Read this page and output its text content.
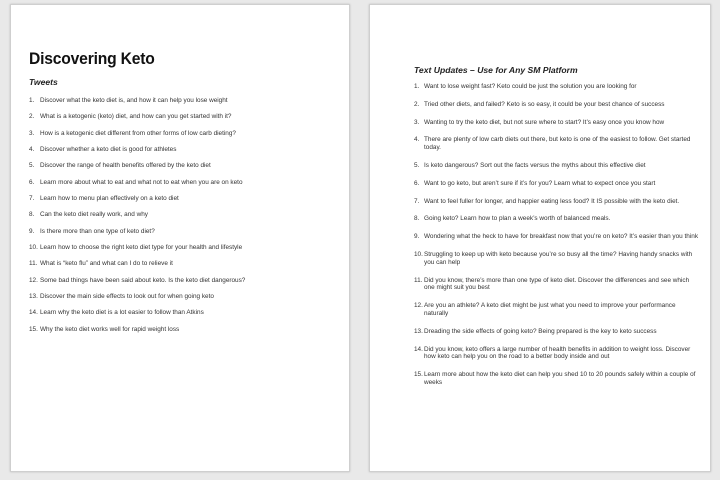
Discovering Keto
Tweets
1. Discover what the keto diet is, and how it can help you lose weight
2. What is a ketogenic (keto) diet, and how can you get started with it?
3. How is a ketogenic diet different from other forms of low carb dieting?
4. Discover whether a keto diet is good for athletes
5. Discover the range of health benefits offered by the keto diet
6. Learn more about what to eat and what not to eat when you are on keto
7. Learn how to menu plan effectively on a keto diet
8. Can the keto diet really work, and why
9. Is there more than one type of keto diet?
10. Learn how to choose the right keto diet type for your health and lifestyle
11. What is “keto flu” and what can I do to relieve it
12. Some bad things have been said about keto. Is the keto diet dangerous?
13. Discover the main side effects to look out for when going keto
14. Learn why the keto diet is a lot easier to follow than Atkins
15. Why the keto diet works well for rapid weight loss
Text Updates – Use for Any SM Platform
1. Want to lose weight fast? Keto could be just the solution you are looking for
2. Tried other diets, and failed? Keto is so easy, it could be your best chance of success
3. Wanting to try the keto diet, but not sure where to start? It’s easy once you know how
4. There are plenty of low carb diets out there, but keto is one of the easiest to follow. Get started today.
5. Is keto dangerous? Sort out the facts versus the myths about this effective diet
6. Want to go keto, but aren’t sure if it’s for you? Learn what to expect once you start
7. Want to feel fuller for longer, and happier eating less food? It IS possible with the keto diet.
8. Going keto? Learn how to plan a week’s worth of balanced meals.
9. Wondering what the heck to have for breakfast now that you’re on keto? It’s easier than you think
10. Struggling to keep up with keto because you’re so busy all the time? Having handy snacks with you can help
11. Did you know, there’s more than one type of keto diet. Discover the differences and see which one might suit you best
12. Are you an athlete? A keto diet might be just what you need to improve your performance naturally
13. Dreading the side effects of going keto? Being prepared is the key to keto success
14. Did you know, keto offers a large number of health benefits in addition to weight loss. Discover how keto can help you on the road to a better body inside and out
15. Learn more about how the keto diet can help you shed 10 to 20 pounds safely within a couple of weeks
